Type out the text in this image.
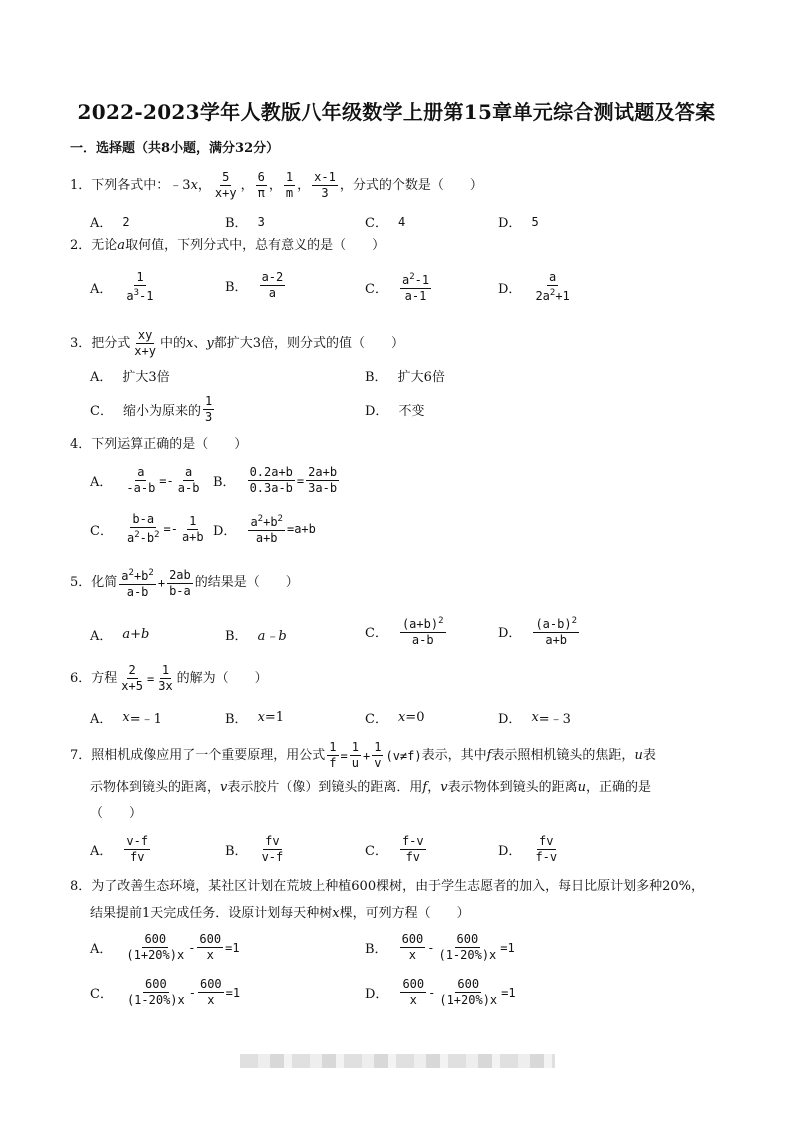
2022-2023学年人教版八年级数学上册第15章单元综合测试题及答案
一．选择题（共8小题，满分32分）
1． 下列各式中：﹣3 x ， $\frac{5}{x+y}$ ， $\frac{6}{\pi}$ ， $\frac{1}{m}$ ， $\frac{x-1}{3}$ ，分式的个数是（　　）
A． 2	B． 3	C． 4	D． 5
2． 无论 a 取何值，下列分式中，总有意义的是（　　）
A． $\frac{1}{a^3-1}$	B． $\frac{a-2}{a}$	C． $\frac{a^2-1}{a-1}$	D． $\frac{a}{2a^2+1}$
3． 把分式 $\frac{xy}{x+y}$ 中的 x 、 y 都扩大3倍，则分式的值（　　）
A． 扩大3倍	B． 扩大6倍
C． 缩小为原来的 $\frac{1}{3}$	D． 不变
4． 下列运算正确的是（　　）
A． $\frac{a}{-a-b} =- \frac{a}{a-b}$ B． $\frac{0.2a+b}{0.3a-b} = \frac{2a+b}{3a-b}$
C． $\frac{b-a}{a^2-b^2} =- \frac{1}{a+b}$ D． $\frac{a^2+b^2}{a+b} =a+b$
5． 化简 $\frac{a^2+b^2}{a-b} + \frac{2ab}{b-a}$ 的结果是（　　）
A． a+b	B． a﹣b	C． $\frac{(a+b)^2}{a-b}$	D． $\frac{(a-b)^2}{a+b}$
6． 方程 $\frac{2}{x+5} = \frac{1}{3x}$ 的解为（　　）
A． x =﹣1	B． x =1	C． x =0	D． x =﹣3
7． 照相机成像应用了一个重要原理，用公式 $\frac{1}{f} = \frac{1}{u} + \frac{1}{v} (v\ne f)$ 表示，其中 f 表示照相机镜头的焦距， u 表
示物体到镜头的距离， v 表示胶片（像）到镜头的距离．用 f ， v 表示物体到镜头的距离 u ，正确的是
（　　）
A． $\frac{v-f}{fv}$	B． $\frac{fv}{v-f}$	C． $\frac{f-v}{fv}$	D． $\frac{fv}{f-v}$
8． 为了改善生态环境，某社区计划在荒坡上种植600棵树，由于学生志愿者的加入，每日比原计划多种20%，
结果提前1天完成任务．设原计划每天种树 x 棵，可列方程（　　）
A． $\frac{600}{(1+20\%)x} - \frac{600}{x} =1$	B． $\frac{600}{x} - \frac{600}{(1-20\%)x} =1$
C． $\frac{600}{(1-20\%)x} - \frac{600}{x} =1$	D． $\frac{600}{x} - \frac{600}{(1+20\%)x} =1$
